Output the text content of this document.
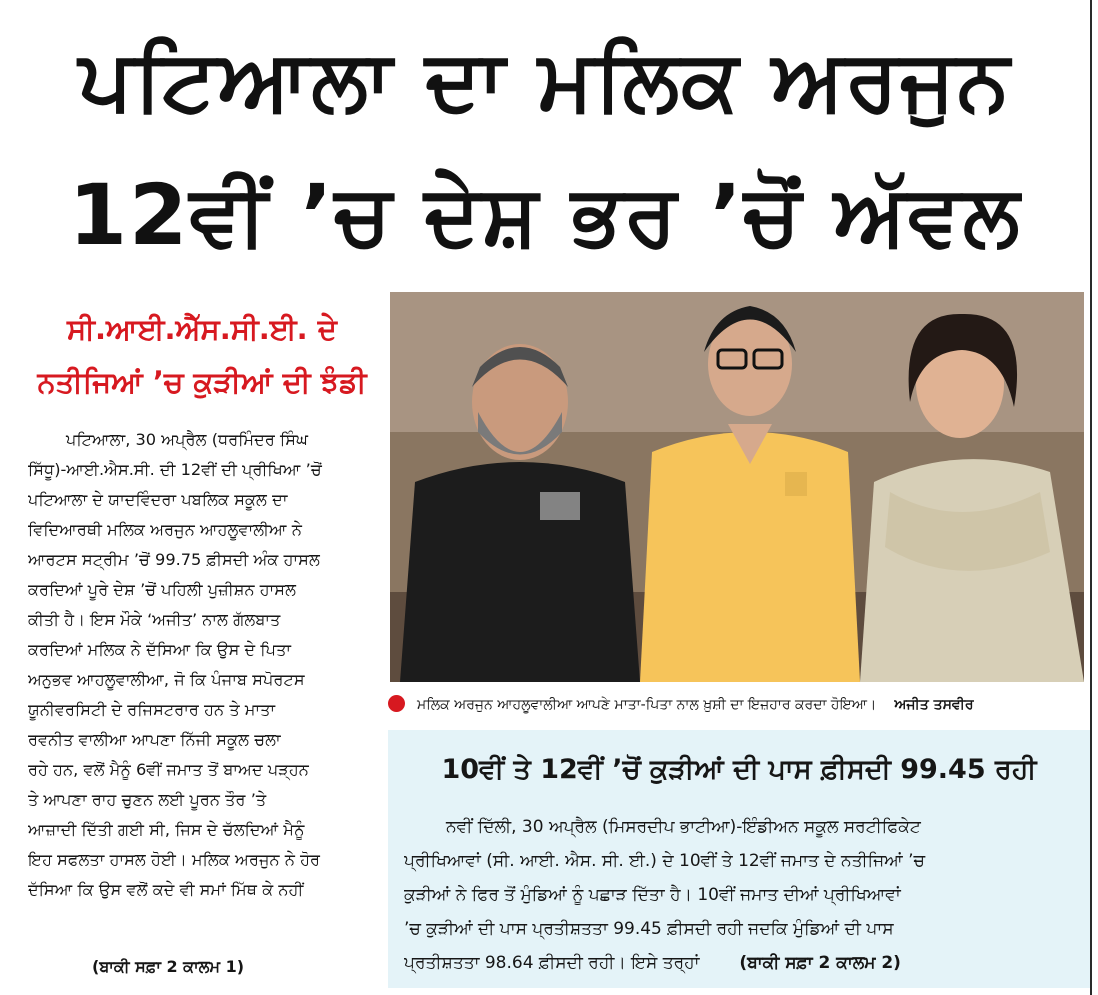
ਪਟਿਆਲਾ ਦਾ ਮਲਿਕ ਅਰਜੁਨ
12ਵੀਂ ’ਚ ਦੇਸ਼ ਭਰ ’ਚੋਂ ਅੱਵਲ
ਸੀ.ਆਈ.ਐੱਸ.ਸੀ.ਈ. ਦੇ
ਨਤੀਜਿਆਂ ’ਚ ਕੁੜੀਆਂ ਦੀ ਝੰਡੀ
ਪਟਿਆਲਾ, 30 ਅਪ੍ਰੈਲ (ਧਰਮਿੰਦਰ ਸਿੰਘ
ਸਿੱਧੂ)-ਆਈ.ਐਸ.ਸੀ. ਦੀ 12ਵੀਂ ਦੀ ਪ੍ਰੀਖਿਆ ’ਚੋਂ
ਪਟਿਆਲਾ ਦੇ ਯਾਦਵਿੰਦਰਾ ਪਬਲਿਕ ਸਕੂਲ ਦਾ
ਵਿਦਿਆਰਥੀ ਮਲਿਕ ਅਰਜੁਨ ਆਹਲੂਵਾਲੀਆ ਨੇ
ਆਰਟਸ ਸਟ੍ਰੀਮ ’ਚੋਂ 99.75 ਫ਼ੀਸਦੀ ਅੰਕ ਹਾਸਲ
ਕਰਦਿਆਂ ਪੂਰੇ ਦੇਸ਼ ’ਚੋਂ ਪਹਿਲੀ ਪੁਜ਼ੀਸ਼ਨ ਹਾਸਲ
ਕੀਤੀ ਹੈ। ਇਸ ਮੌਕੇ ‘ਅਜੀਤ’ ਨਾਲ ਗੱਲਬਾਤ
ਕਰਦਿਆਂ ਮਲਿਕ ਨੇ ਦੱਸਿਆ ਕਿ ਉਸ ਦੇ ਪਿਤਾ
ਅਨੁਭਵ ਆਹਲੂਵਾਲੀਆ, ਜੋ ਕਿ ਪੰਜਾਬ ਸਪੋਰਟਸ
ਯੂਨੀਵਰਸਿਟੀ ਦੇ ਰਜਿਸਟਰਾਰ ਹਨ ਤੇ ਮਾਤਾ
ਰਵਨੀਤ ਵਾਲੀਆ ਆਪਣਾ ਨਿੱਜੀ ਸਕੂਲ ਚਲਾ
ਰਹੇ ਹਨ, ਵਲੋਂ ਮੈਨੂੰ 6ਵੀਂ ਜਮਾਤ ਤੋਂ ਬਾਅਦ ਪੜ੍ਹਨ
ਤੇ ਆਪਣਾ ਰਾਹ ਚੁਣਨ ਲਈ ਪੂਰਨ ਤੌਰ ’ਤੇ
ਆਜ਼ਾਦੀ ਦਿੱਤੀ ਗਈ ਸੀ, ਜਿਸ ਦੇ ਚੱਲਦਿਆਂ ਮੈਨੂੰ
ਇਹ ਸਫਲਤਾ ਹਾਸਲ ਹੋਈ। ਮਲਿਕ ਅਰਜੁਨ ਨੇ ਹੋਰ
ਦੱਸਿਆ ਕਿ ਉਸ ਵਲੋਂ ਕਦੇ ਵੀ ਸਮਾਂ ਮਿੱਥ ਕੇ ਨਹੀਂ
(ਬਾਕੀ ਸਫ਼ਾ 2 ਕਾਲਮ 1)
ਮਲਿਕ ਅਰਜੁਨ ਆਹਲੂਵਾਲੀਆ ਆਪਣੇ ਮਾਤਾ-ਪਿਤਾ ਨਾਲ ਖ਼ੁਸ਼ੀ ਦਾ ਇਜ਼ਹਾਰ ਕਰਦਾ ਹੋਇਆ। ਅਜੀਤ ਤਸਵੀਰ
10ਵੀਂ ਤੇ 12ਵੀਂ ’ਚੋਂ ਕੁੜੀਆਂ ਦੀ ਪਾਸ ਫ਼ੀਸਦੀ 99.45 ਰਹੀ
ਨਵੀਂ ਦਿੱਲੀ, 30 ਅਪ੍ਰੈਲ (ਮਿਸਰਦੀਪ ਭਾਟੀਆ)-ਇੰਡੀਅਨ ਸਕੂਲ ਸਰਟੀਫਿਕੇਟ
ਪ੍ਰੀਖਿਆਵਾਂ (ਸੀ. ਆਈ. ਐਸ. ਸੀ. ਈ.) ਦੇ 10ਵੀਂ ਤੇ 12ਵੀਂ ਜਮਾਤ ਦੇ ਨਤੀਜਿਆਂ ’ਚ
ਕੁੜੀਆਂ ਨੇ ਫਿਰ ਤੋਂ ਮੁੰਡਿਆਂ ਨੂੰ ਪਛਾੜ ਦਿੱਤਾ ਹੈ। 10ਵੀਂ ਜਮਾਤ ਦੀਆਂ ਪ੍ਰੀਖਿਆਵਾਂ
’ਚ ਕੁੜੀਆਂ ਦੀ ਪਾਸ ਪ੍ਰਤੀਸ਼ਤਤਾ 99.45 ਫ਼ੀਸਦੀ ਰਹੀ ਜਦਕਿ ਮੁੰਡਿਆਂ ਦੀ ਪਾਸ
ਪ੍ਰਤੀਸ਼ਤਤਾ 98.64 ਫ਼ੀਸਦੀ ਰਹੀ। ਇਸੇ ਤਰ੍ਹਾਂ (ਬਾਕੀ ਸਫ਼ਾ 2 ਕਾਲਮ 2)
